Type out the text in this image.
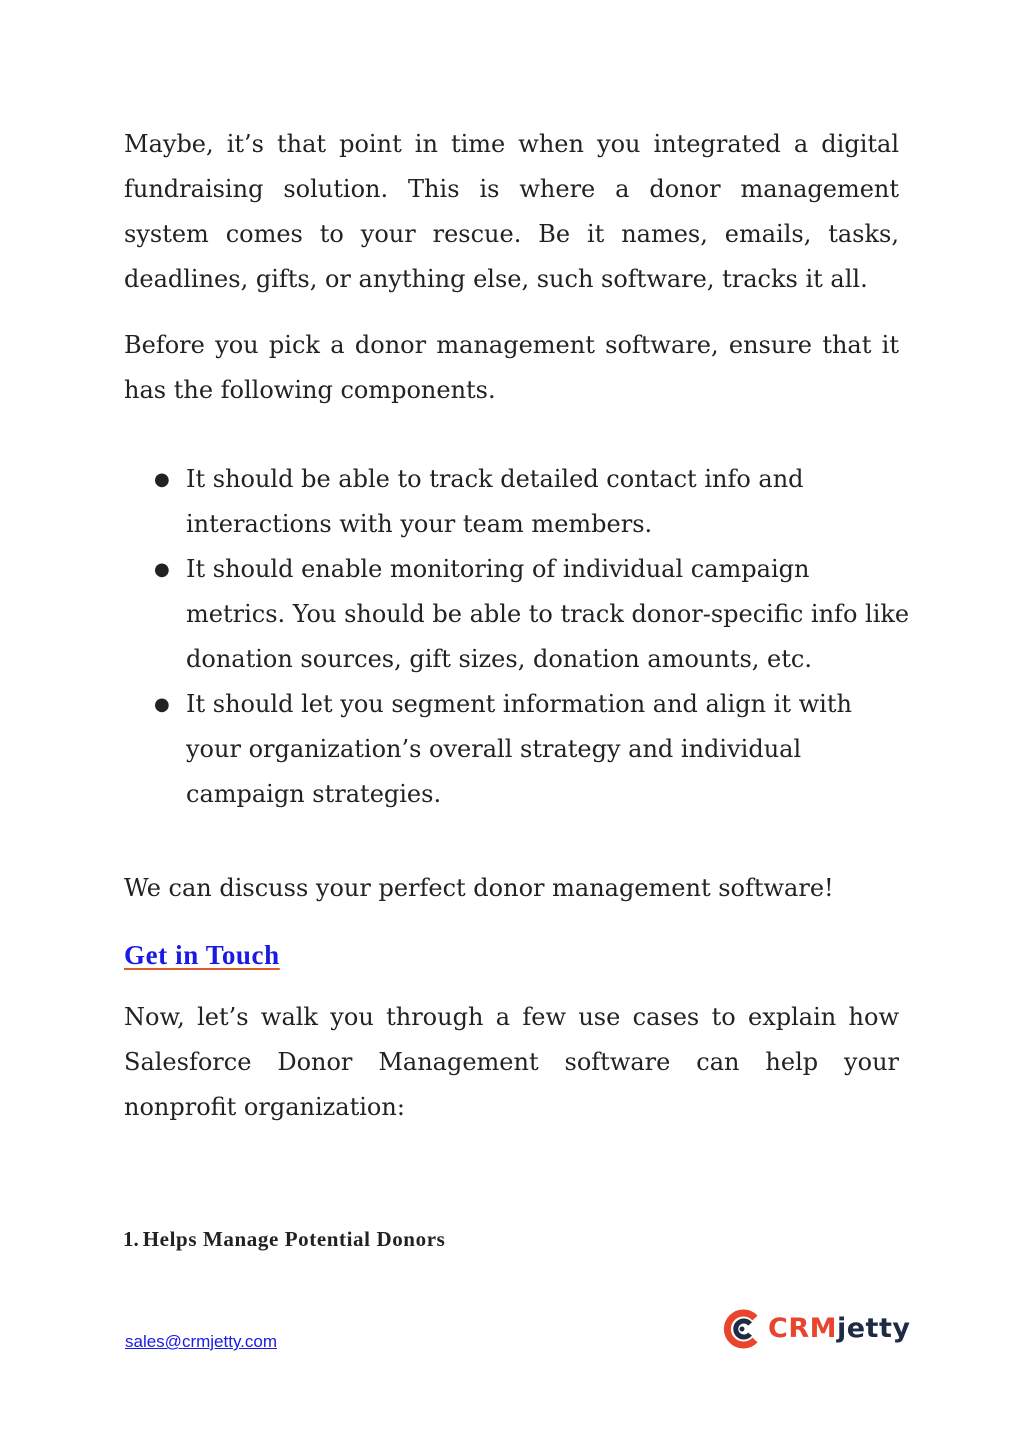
Maybe, it’s that point in time when you integrated a digital fundraising solution. This is where a donor management system comes to your rescue. Be it names, emails, tasks, deadlines, gifts, or anything else, such software, tracks it all.

Before you pick a donor management software, ensure that it has the following components.

● It should be able to track detailed contact info and interactions with your team members.
● It should enable monitoring of individual campaign metrics. You should be able to track donor-specific info like donation sources, gift sizes, donation amounts, etc.
● It should let you segment information and align it with your organization’s overall strategy and individual campaign strategies.

We can discuss your perfect donor management software!

Get in Touch

Now, let’s walk you through a few use cases to explain how Salesforce Donor Management software can help your nonprofit organization:

1. Helps Manage Potential Donors
sales@crmjetty.com	CRMjetty
